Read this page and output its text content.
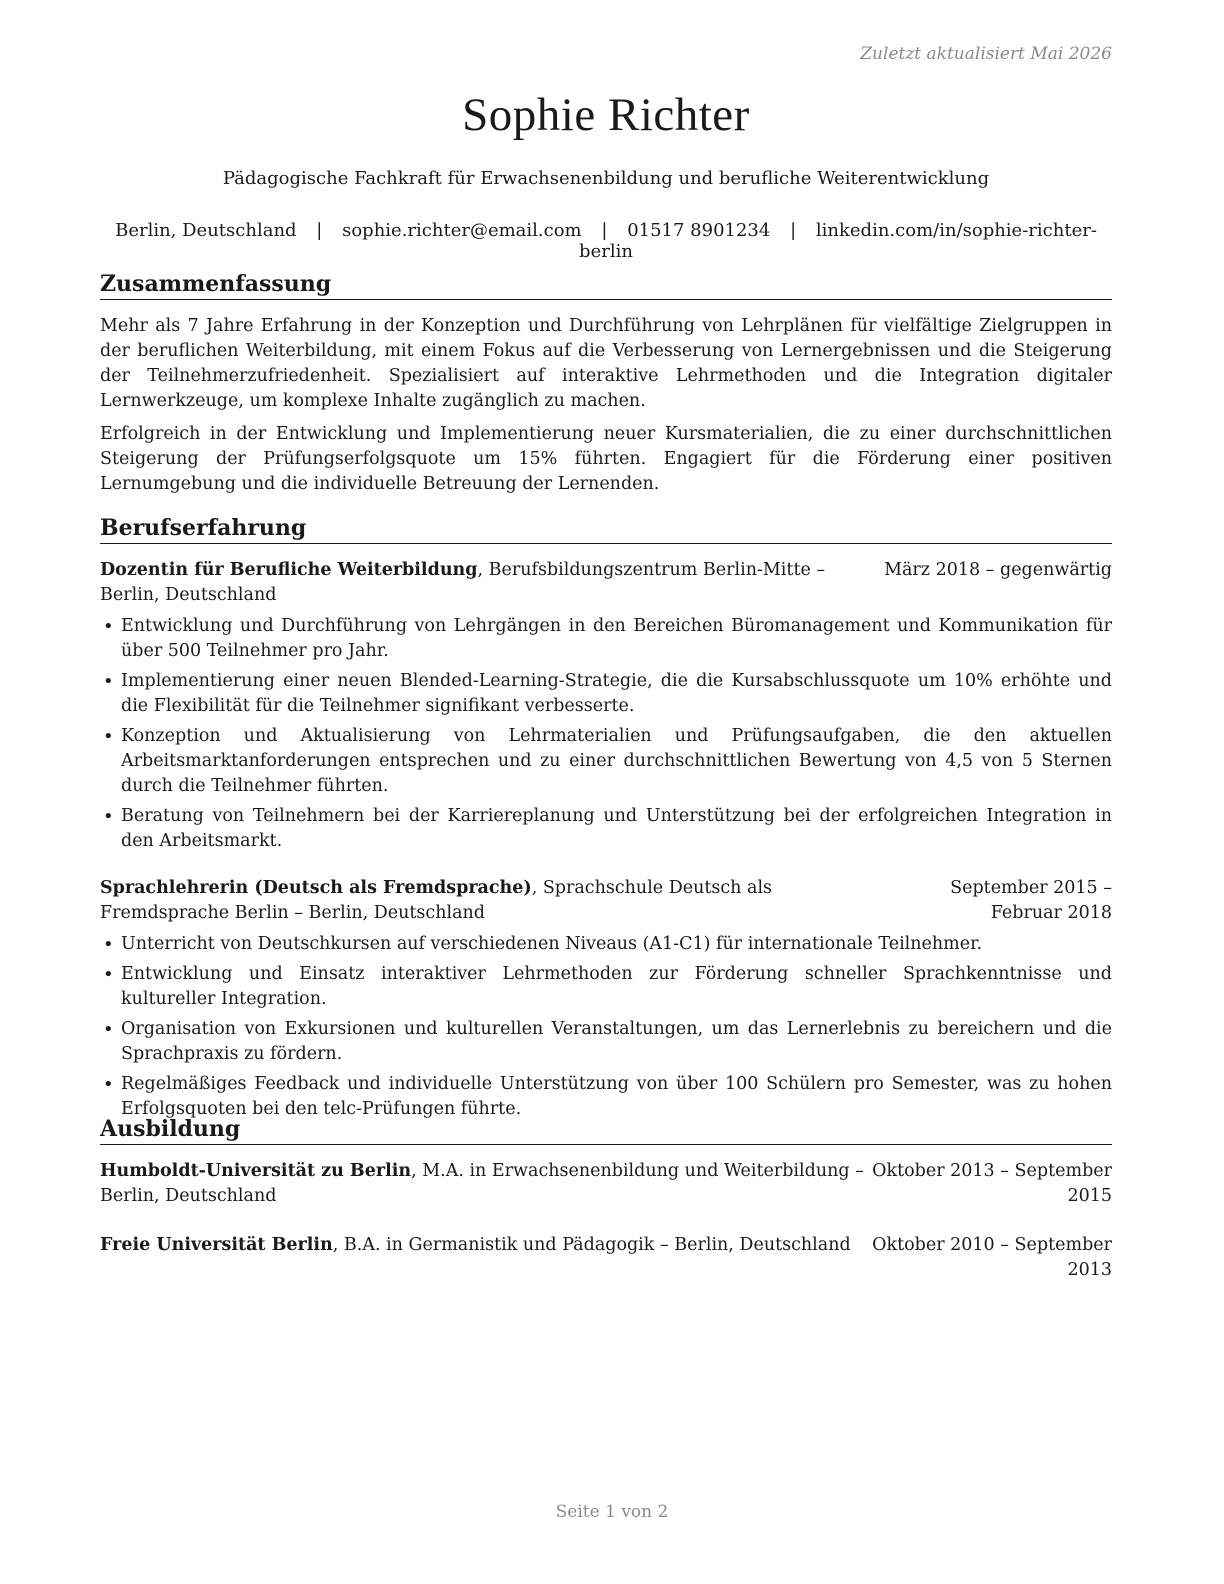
Zuletzt aktualisiert Mai 2026
Sophie Richter
Pädagogische Fachkraft für Erwachsenenbildung und berufliche Weiterentwicklung
Berlin, Deutschland | sophie.richter@email.com | 01517 8901234 | linkedin.com/in/sophie-richter-berlin
Zusammenfassung

Mehr als 7 Jahre Erfahrung in der Konzeption und Durchführung von Lehrplänen für vielfältige Zielgruppen in der beruflichen Weiterbildung, mit einem Fokus auf die Verbesserung von Lernergebnissen und die Steigerung der Teilnehmerzufriedenheit. Spezialisiert auf interaktive Lehrmethoden und die Integration digitaler Lernwerkzeuge, um komplexe Inhalte zugänglich zu machen.

Erfolgreich in der Entwicklung und Implementierung neuer Kursmaterialien, die zu einer durchschnittlichen Steigerung der Prüfungserfolgsquote um 15% führten. Engagiert für die Förderung einer positiven Lernumgebung und die individuelle Betreuung der Lernenden.

Berufserfahrung
Dozentin für Berufliche Weiterbildung, Berufsbildungszentrum Berlin-Mitte – Berlin, Deutschland
März 2018 – gegenwärtig
• Entwicklung und Durchführung von Lehrgängen in den Bereichen Büromanagement und Kommunikation für über 500 Teilnehmer pro Jahr.
• Implementierung einer neuen Blended-Learning-Strategie, die die Kursabschlussquote um 10% erhöhte und die Flexibilität für die Teilnehmer signifikant verbesserte.
• Konzeption und Aktualisierung von Lehrmaterialien und Prüfungsaufgaben, die den aktuellen Arbeitsmarktanforderungen entsprechen und zu einer durchschnittlichen Bewertung von 4,5 von 5 Sternen durch die Teilnehmer führten.
• Beratung von Teilnehmern bei der Karriereplanung und Unterstützung bei der erfolgreichen Integration in den Arbeitsmarkt.
Sprachlehrerin (Deutsch als Fremdsprache), Sprachschule Deutsch als Fremdsprache Berlin – Berlin, Deutschland
September 2015 – Februar 2018
• Unterricht von Deutschkursen auf verschiedenen Niveaus (A1-C1) für internationale Teilnehmer.
• Entwicklung und Einsatz interaktiver Lehrmethoden zur Förderung schneller Sprachkenntnisse und kultureller Integration.
• Organisation von Exkursionen und kulturellen Veranstaltungen, um das Lernerlebnis zu bereichern und die Sprachpraxis zu fördern.
• Regelmäßiges Feedback und individuelle Unterstützung von über 100 Schülern pro Semester, was zu hohen Erfolgsquoten bei den telc-Prüfungen führte.
Ausbildung
Humboldt-Universität zu Berlin, M.A. in Erwachsenenbildung und Weiterbildung – Berlin, Deutschland
Oktober 2013 – September 2015
Freie Universität Berlin, B.A. in Germanistik und Pädagogik – Berlin, Deutschland	Oktober 2010 – September 2013
Seite 1 von 2
